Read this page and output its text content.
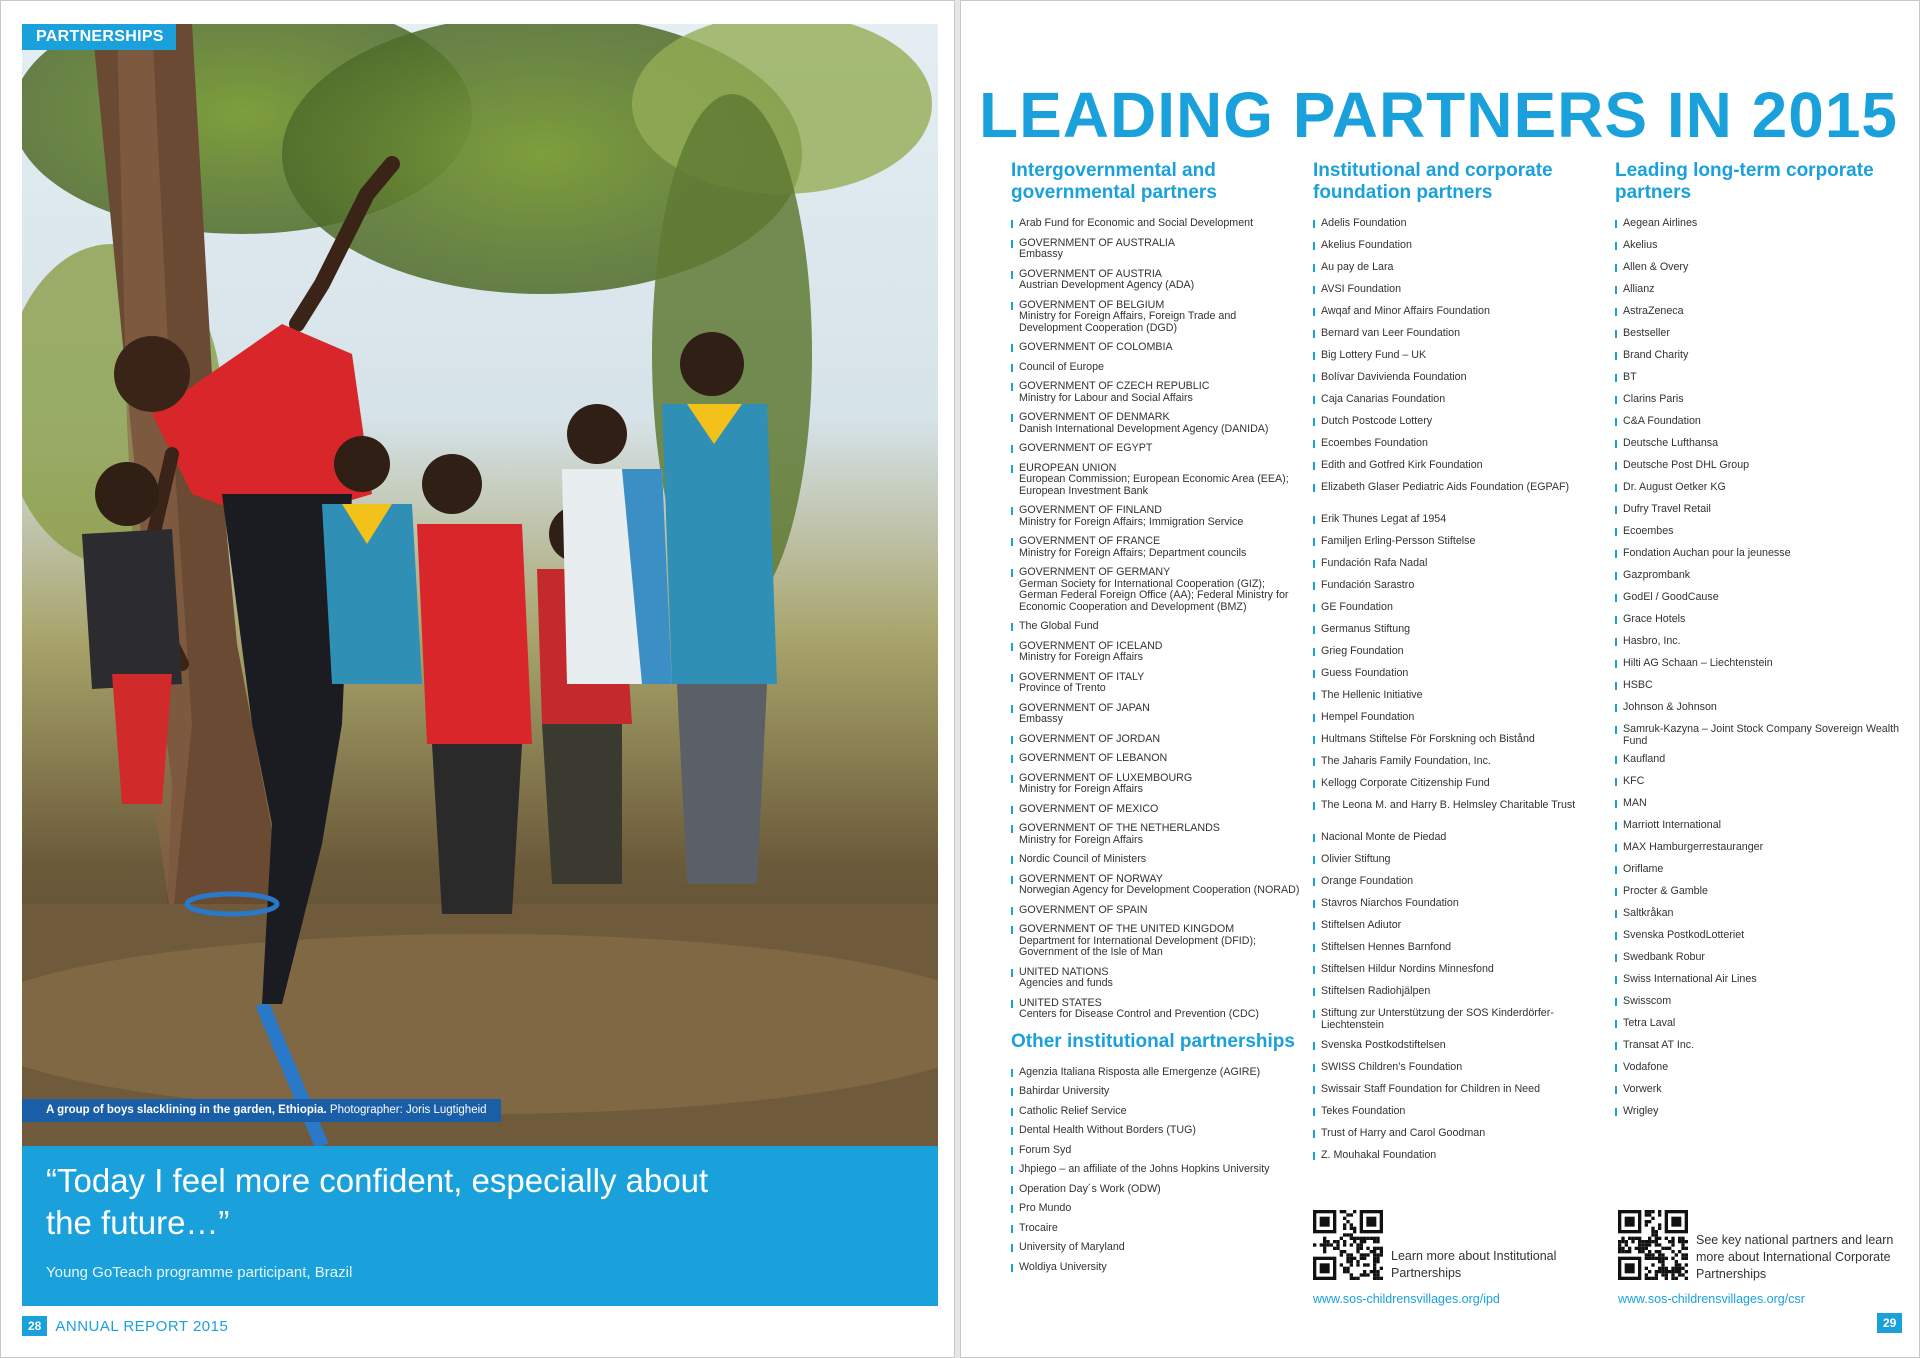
PARTNERSHIPS
A group of boys slacklining in the garden, Ethiopia. Photographer: Joris Lugtigheid
“Today I feel more confident, especially about the future…”
Young GoTeach programme participant, Brazil
28 ANNUAL REPORT 2015
LEADING PARTNERS IN 2015
Intergovernmental and governmental partners
Arab Fund for Economic and Social Development
GOVERNMENT OF AUSTRALIA
Embassy
GOVERNMENT OF AUSTRIA
Austrian Development Agency (ADA)
GOVERNMENT OF BELGIUM
Ministry for Foreign Affairs, Foreign Trade and Development Cooperation (DGD)
GOVERNMENT OF COLOMBIA
Council of Europe
GOVERNMENT OF CZECH REPUBLIC
Ministry for Labour and Social Affairs
GOVERNMENT OF DENMARK
Danish International Development Agency (DANIDA)
GOVERNMENT OF EGYPT
EUROPEAN UNION
European Commission; European Economic Area (EEA); European Investment Bank
GOVERNMENT OF FINLAND
Ministry for Foreign Affairs; Immigration Service
GOVERNMENT OF FRANCE
Ministry for Foreign Affairs; Department councils
GOVERNMENT OF GERMANY
German Society for International Cooperation (GIZ); German Federal Foreign Office (AA); Federal Ministry for Economic Cooperation and Development (BMZ)
The Global Fund
GOVERNMENT OF ICELAND
Ministry for Foreign Affairs
GOVERNMENT OF ITALY
Province of Trento
GOVERNMENT OF JAPAN
Embassy
GOVERNMENT OF JORDAN
GOVERNMENT OF LEBANON
GOVERNMENT OF LUXEMBOURG
Ministry for Foreign Affairs
GOVERNMENT OF MEXICO
GOVERNMENT OF THE NETHERLANDS
Ministry for Foreign Affairs
Nordic Council of Ministers
GOVERNMENT OF NORWAY
Norwegian Agency for Development Cooperation (NORAD)
GOVERNMENT OF SPAIN
GOVERNMENT OF THE UNITED KINGDOM
Department for International Development (DFID); Government of the Isle of Man
UNITED NATIONS
Agencies and funds
UNITED STATES
Centers for Disease Control and Prevention (CDC)
Other institutional partnerships
Agenzia Italiana Risposta alle Emergenze (AGIRE)
Bahirdar University
Catholic Relief Service
Dental Health Without Borders (TUG)
Forum Syd
Jhpiego – an affiliate of the Johns Hopkins University
Operation Day´s Work (ODW)
Pro Mundo
Trocaire
University of Maryland
Woldiya University
Institutional and corporate foundation partners
Adelis Foundation
Akelius Foundation
Au pay de Lara
AVSI Foundation
Awqaf and Minor Affairs Foundation
Bernard van Leer Foundation
Big Lottery Fund – UK
Bolívar Davivienda Foundation
Caja Canarias Foundation
Dutch Postcode Lottery
Ecoembes Foundation
Edith and Gotfred Kirk Foundation
Elizabeth Glaser Pediatric Aids Foundation (EGPAF)
Erik Thunes Legat af 1954
Familjen Erling-Persson Stiftelse
Fundación Rafa Nadal
Fundación Sarastro
GE Foundation
Germanus Stiftung
Grieg Foundation
Guess Foundation
The Hellenic Initiative
Hempel Foundation
Hultmans Stiftelse För Forskning och Bistånd
The Jaharis Family Foundation, Inc.
Kellogg Corporate Citizenship Fund
The Leona M. and Harry B. Helmsley Charitable Trust
Nacional Monte de Piedad
Olivier Stiftung
Orange Foundation
Stavros Niarchos Foundation
Stiftelsen Adiutor
Stiftelsen Hennes Barnfond
Stiftelsen Hildur Nordins Minnesfond
Stiftelsen Radiohjälpen
Stiftung zur Unterstützung der SOS Kinderdörfer-Liechtenstein
Svenska Postkodstiftelsen
SWISS Children’s Foundation
Swissair Staff Foundation for Children in Need
Tekes Foundation
Trust of Harry and Carol Goodman
Z. Mouhakal Foundation
Leading long-term corporate partners
Aegean Airlines
Akelius
Allen & Overy
Allianz
AstraZeneca
Bestseller
Brand Charity
BT
Clarins Paris
C&A Foundation
Deutsche Lufthansa
Deutsche Post DHL Group
Dr. August Oetker KG
Dufry Travel Retail
Ecoembes
Fondation Auchan pour la jeunesse
Gazprombank
GodEl / GoodCause
Grace Hotels
Hasbro, Inc.
Hilti AG Schaan – Liechtenstein
HSBC
Johnson & Johnson
Samruk-Kazyna – Joint Stock Company Sovereign Wealth Fund
Kaufland
KFC
MAN
Marriott International
MAX Hamburgerrestauranger
Oriflame
Procter & Gamble
Saltkråkan
Svenska PostkodLotteriet
Swedbank Robur
Swiss International Air Lines
Swisscom
Tetra Laval
Transat AT Inc.
Vodafone
Vorwerk
Wrigley
Learn more about Institutional Partnerships
www.sos-childrensvillages.org/ipd
See key national partners and learn more about International Corporate Partnerships
www.sos-childrensvillages.org/csr
29
